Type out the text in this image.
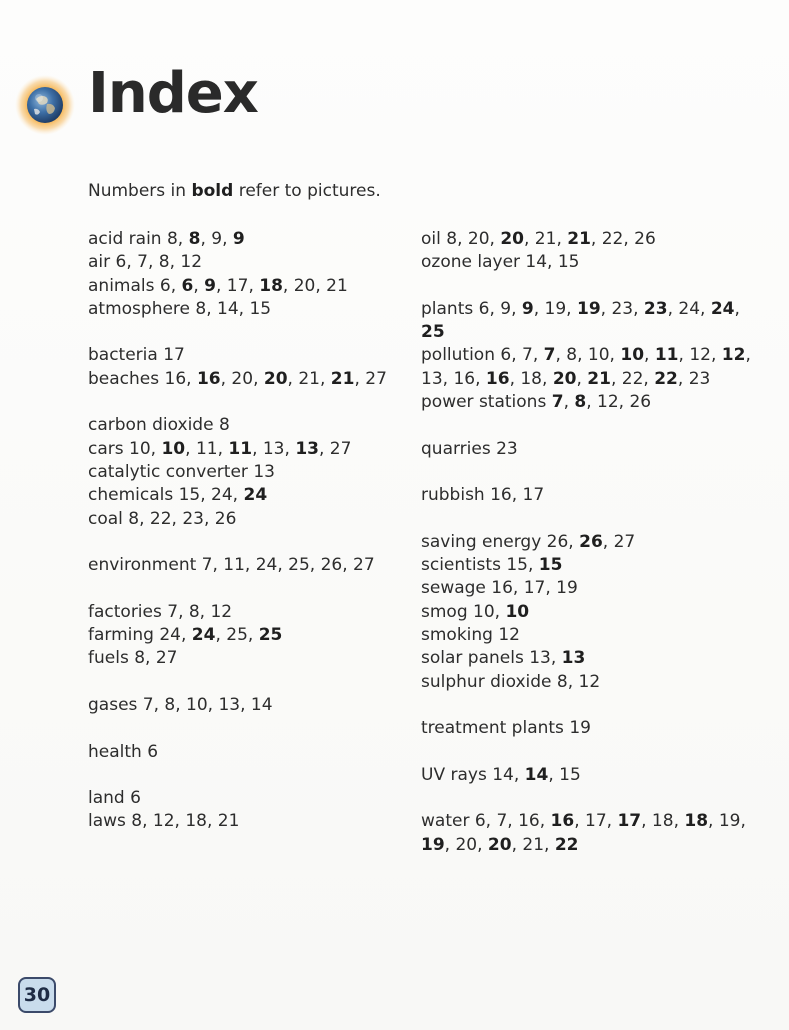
Index
Numbers in bold refer to pictures.

acid rain 8, 8, 9, 9

air 6, 7, 8, 12

animals 6, 6, 9, 17, 18, 20, 21

atmosphere 8, 14, 15

bacteria 17

beaches 16, 16, 20, 20, 21, 21, 27

carbon dioxide 8

cars 10, 10, 11, 11, 13, 13, 27

catalytic converter 13

chemicals 15, 24, 24

coal 8, 22, 23, 26

environment 7, 11, 24, 25, 26, 27

factories 7, 8, 12

farming 24, 24, 25, 25

fuels 8, 27

gases 7, 8, 10, 13, 14

health 6

land 6

laws 8, 12, 18, 21

oil 8, 20, 20, 21, 21, 22, 26

ozone layer 14, 15

plants 6, 9, 9, 19, 19, 23, 23, 24, 24, 25

pollution 6, 7, 7, 8, 10, 10, 11, 12, 12, 13, 16, 16, 18, 20, 21, 22, 22, 23

power stations 7, 8, 12, 26

quarries 23

rubbish 16, 17

saving energy 26, 26, 27

scientists 15, 15

sewage 16, 17, 19

smog 10, 10

smoking 12

solar panels 13, 13

sulphur dioxide 8, 12

treatment plants 19

UV rays 14, 14, 15

water 6, 7, 16, 16, 17, 17, 18, 18, 19, 19, 20, 20, 21, 22

30
